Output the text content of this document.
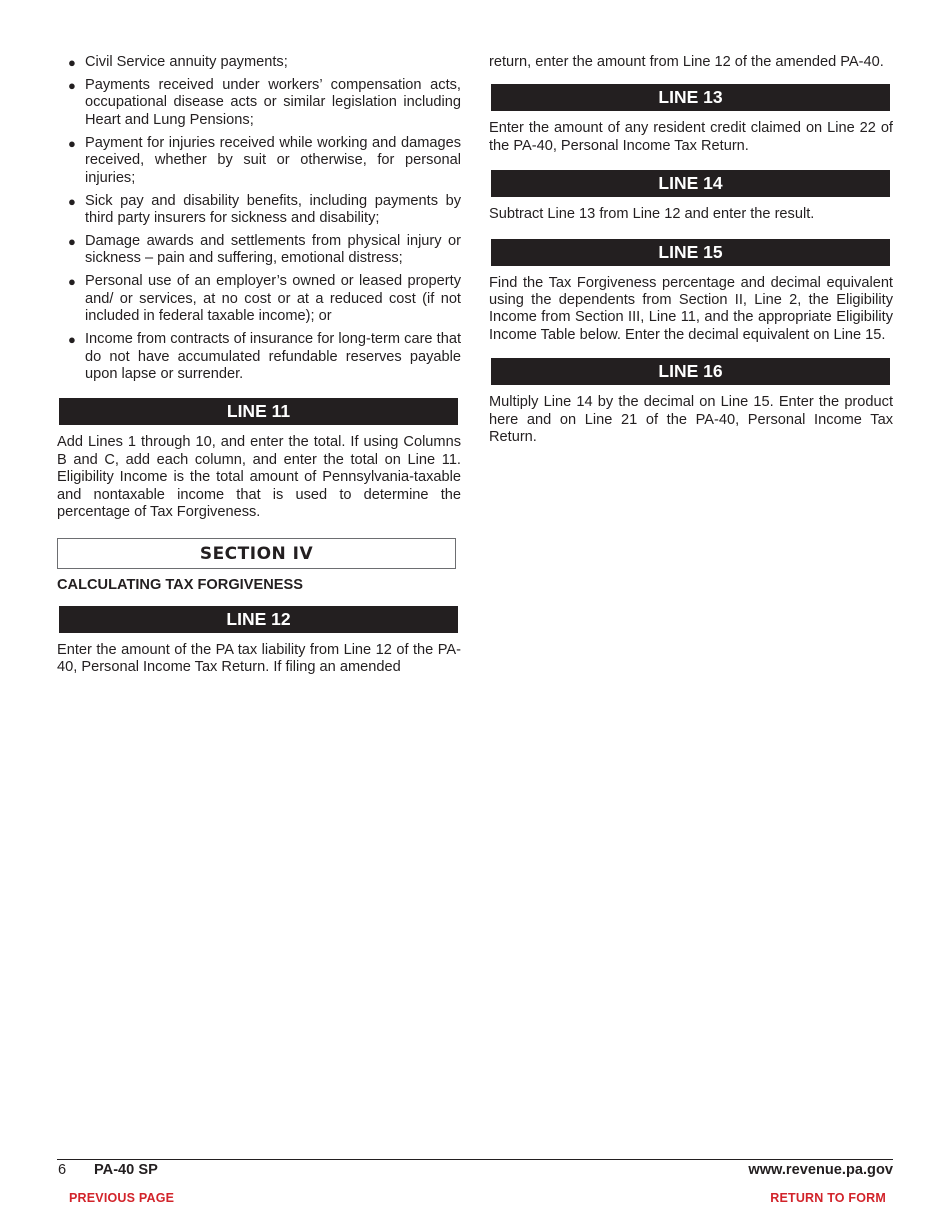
● Civil Service annuity payments;
● Payments received under workers’ compensation acts, occupational disease acts or similar legislation including Heart and Lung Pensions;
● Payment for injuries received while working and damages received, whether by suit or otherwise, for personal injuries;
● Sick pay and disability benefits, including payments by third party insurers for sickness and disability;
● Damage awards and settlements from physical injury or sickness – pain and suffering, emotional distress;
● Personal use of an employer’s owned or leased property and/ or services, at no cost or at a reduced cost (if not included in federal taxable income); or
● Income from contracts of insurance for long-term care that do not have accumulated refundable reserves payable upon lapse or surrender.
LINE 11

Add Lines 1 through 10, and enter the total. If using Columns B and C, add each column, and enter the total on Line 11. Eligibility Income is the total amount of Pennsylvania-taxable and nontaxable income that is used to determine the percentage of Tax Forgiveness.

SECTION IV

CALCULATING TAX FORGIVENESS

LINE 12

Enter the amount of the PA tax liability from Line 12 of the PA-40, Personal Income Tax Return. If filing an amended

return, enter the amount from Line 12 of the amended PA-40.

LINE 13

Enter the amount of any resident credit claimed on Line 22 of the PA-40, Personal Income Tax Return.

LINE 14

Subtract Line 13 from Line 12 and enter the result.

LINE 15

Find the Tax Forgiveness percentage and decimal equivalent using the dependents from Section II, Line 2, the Eligibility Income from Section III, Line 11, and the appropriate Eligibility Income Table below. Enter the decimal equivalent on Line 15.

LINE 16

Multiply Line 14 by the decimal on Line 15. Enter the product here and on Line 21 of the PA-40, Personal Income Tax Return.

6 PA-40 SP	www.revenue.pa.gov
PREVIOUS PAGE	RETURN TO FORM
